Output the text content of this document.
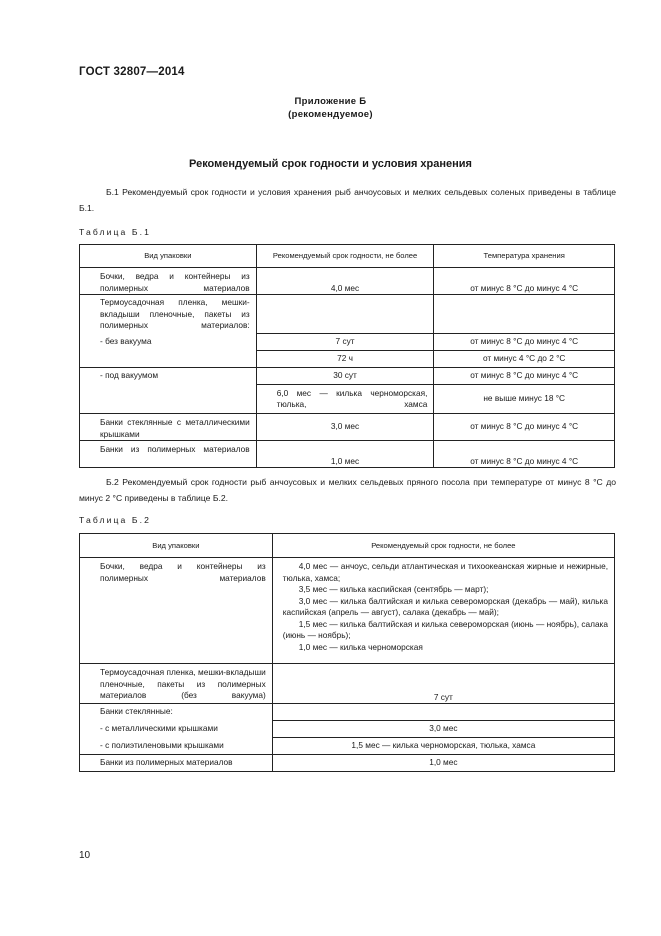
ГОСТ 32807—2014
Приложение Б
(рекомендуемое)
Рекомендуемый срок годности и условия хранения
Б.1 Рекомендуемый срок годности и условия хранения рыб анчоусовых и мелких сельдевых соленых приведены в таблице Б.1.
Таблица Б.1
Вид упаковки	Рекомендуемый срок годности, не более	Температура хранения
Бочки, ведра и контейнеры из полимерных материалов	4,0 мес	от минус 8 °С до минус 4 °С
Термоусадочная пленка, мешки-вкладыши пленочные, пакеты из полимерных материалов:		
- без вакуума	7 сут	от минус 8 °С до минус 4 °С
	72 ч	от минус 4 °С до 2 °С
- под вакуумом	30 сут	от минус 8 °С до минус 4 °С
	6,0 мес — килька черноморская, тюлька, хамса	не выше минус 18 °С
Банки стеклянные с металлическими крышками	3,0 мес	от минус 8 °С до минус 4 °С
Банки из полимерных материалов	1,0 мес	от минус 8 °С до минус 4 °С
Б.2 Рекомендуемый срок годности рыб анчоусовых и мелких сельдевых пряного посола при температуре от минус 8 °С до минус 2 °С приведены в таблице Б.2.
Таблица Б.2
Вид упаковки	Рекомендуемый срок годности, не более
Бочки, ведра и контейнеры из полимерных материалов	4,0 мес — анчоус, сельди атлантическая и тихоокеанская жирные и нежирные, тюлька, хамса;
3,5 мес — килька каспийская (сентябрь — март);
3,0 мес — килька балтийская и килька североморская (декабрь — май), килька каспийская (апрель — август), салака (декабрь — май);
1,5 мес — килька балтийская и килька североморская (июнь — ноябрь), салака (июнь — ноябрь);
1,0 мес — килька черноморская

Термоусадочная пленка, мешки-вкладыши пленочные, пакеты из полимерных материалов (без вакуума)	7 сут
Банки стеклянные:	
- с металлическими крышками	3,0 мес
- с полиэтиленовыми крышками	1,5 мес — килька черноморская, тюлька, хамса
Банки из полимерных материалов	1,0 мес
10
